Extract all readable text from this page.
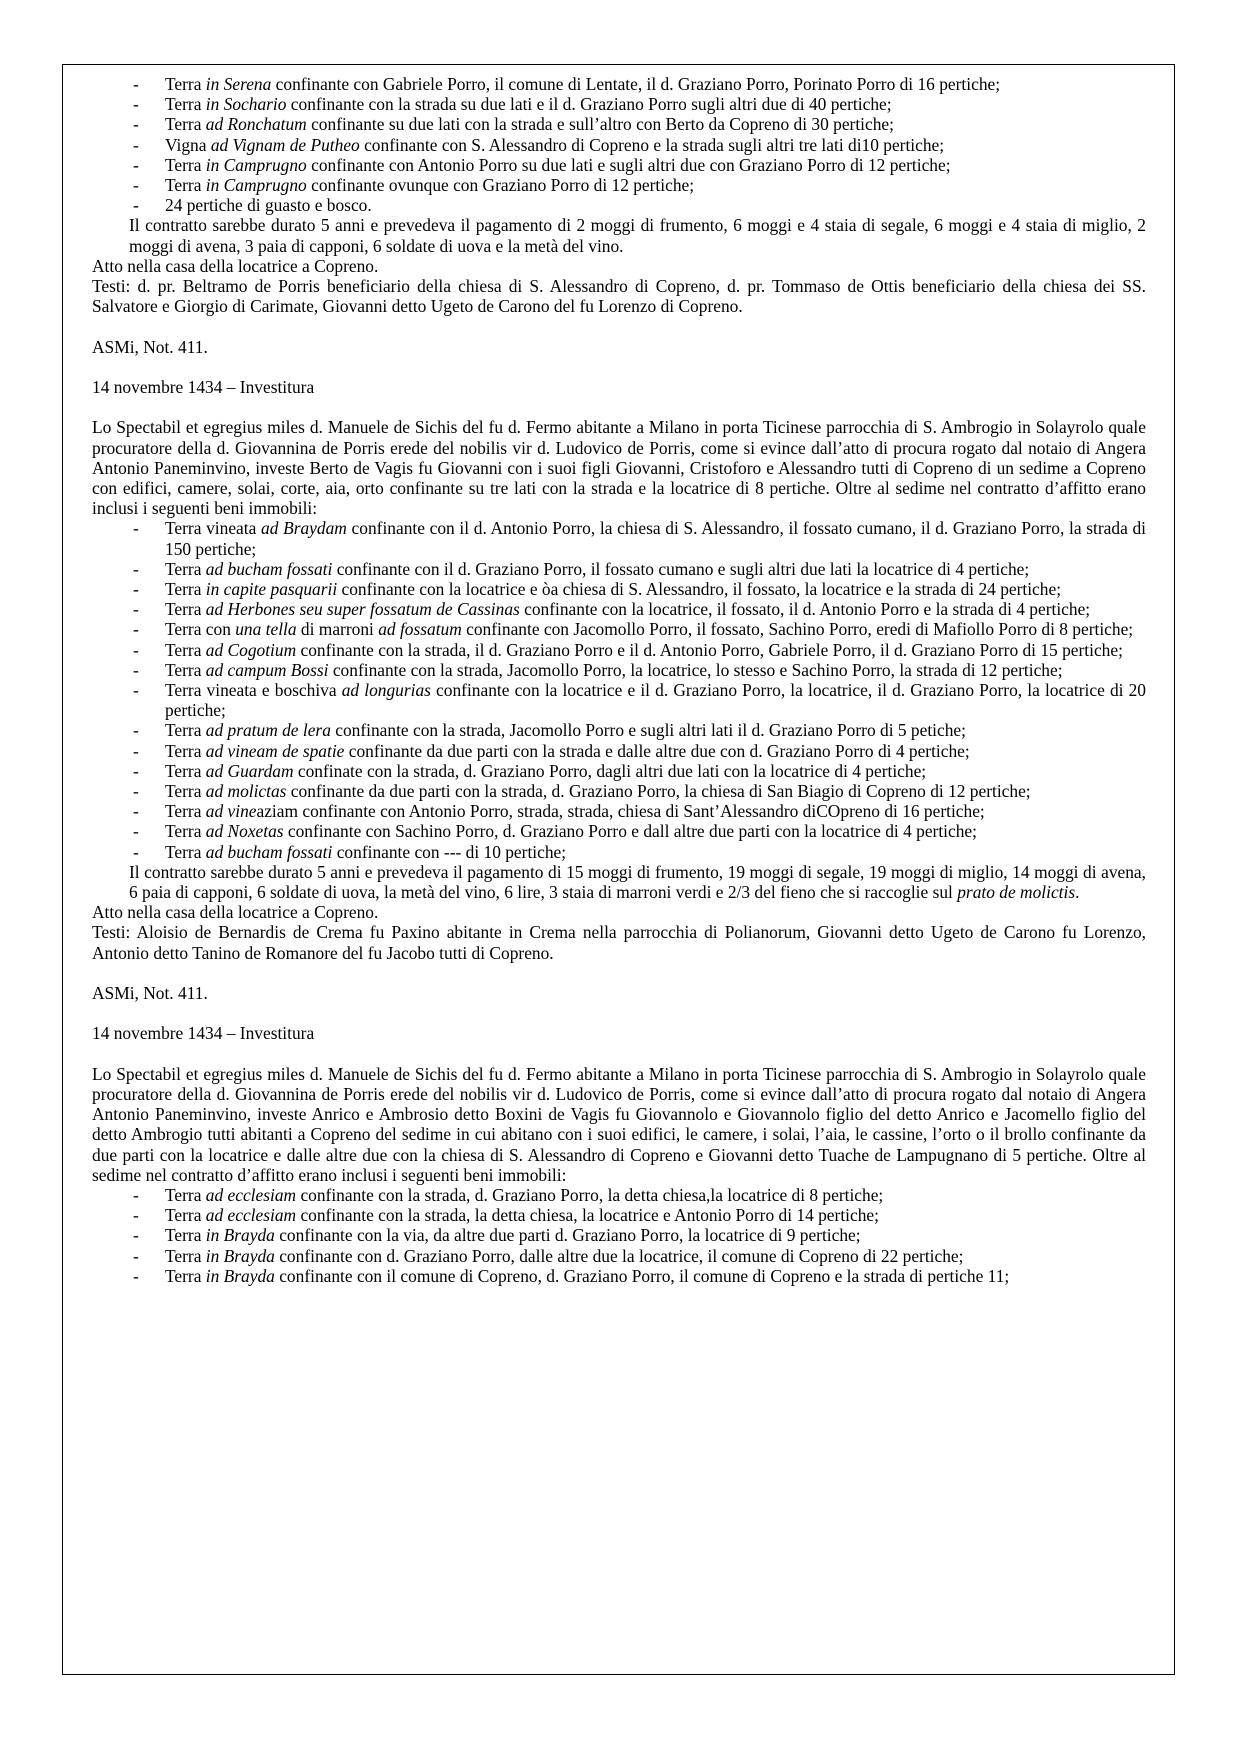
- Terra in Serena confinante con Gabriele Porro, il comune di Lentate, il d. Graziano Porro, Porinato Porro di 16 pertiche;
- Terra in Sochario confinante con la strada su due lati e il d. Graziano Porro sugli altri due di 40 pertiche;
- Terra ad Ronchatum confinante su due lati con la strada e sull’altro con Berto da Copreno di 30 pertiche;
- Vigna ad Vignam de Putheo confinante con S. Alessandro di Copreno e la strada sugli altri tre lati di10 pertiche;
- Terra in Camprugno confinante con Antonio Porro su due lati e sugli altri due con Graziano Porro di 12 pertiche;
- Terra in Camprugno confinante ovunque con Graziano Porro di 12 pertiche;
- 24 pertiche di guasto e bosco.
Il contratto sarebbe durato 5 anni e prevedeva il pagamento di 2 moggi di frumento, 6 moggi e 4 staia di segale, 6 moggi e 4 staia di miglio, 2 moggi di avena, 3 paia di capponi, 6 soldate di uova e la metà del vino.
Atto nella casa della locatrice a Copreno.
Testi: d. pr. Beltramo de Porris beneficiario della chiesa di S. Alessandro di Copreno, d. pr. Tommaso de Ottis beneficiario della chiesa dei SS. Salvatore e Giorgio di Carimate, Giovanni detto Ugeto de Carono del fu Lorenzo di Copreno.
ASMi, Not. 411.
14 novembre 1434 – Investitura
Lo Spectabil et egregius miles d. Manuele de Sichis del fu d. Fermo abitante a Milano in porta Ticinese parrocchia di S. Ambrogio in Solayrolo quale procuratore della d. Giovannina de Porris erede del nobilis vir d. Ludovico de Porris, come si evince dall’atto di procura rogato dal notaio di Angera Antonio Paneminvino, investe Berto de Vagis fu Giovanni con i suoi figli Giovanni, Cristoforo e Alessandro tutti di Copreno di un sedime a Copreno con edifici, camere, solai, corte, aia, orto confinante su tre lati con la strada e la locatrice di 8 pertiche. Oltre al sedime nel contratto d’affitto erano inclusi i seguenti beni immobili:
- Terra vineata ad Braydam confinante con il d. Antonio Porro, la chiesa di S. Alessandro, il fossato cumano, il d. Graziano Porro, la strada di 150 pertiche;
- Terra ad bucham fossati confinante con il d. Graziano Porro, il fossato cumano e sugli altri due lati la locatrice di 4 pertiche;
- Terra in capite pasquarii confinante con la locatrice e òa chiesa di S. Alessandro, il fossato, la locatrice e la strada di 24 pertiche;
- Terra ad Herbones seu super fossatum de Cassinas confinante con la locatrice, il fossato, il d. Antonio Porro e la strada di 4 pertiche;
- Terra con una tella di marroni ad fossatum confinante con Jacomollo Porro, il fossato, Sachino Porro, eredi di Mafiollo Porro di 8 pertiche;
- Terra ad Cogotium confinante con la strada, il d. Graziano Porro e il d. Antonio Porro, Gabriele Porro, il d. Graziano Porro di 15 pertiche;
- Terra ad campum Bossi confinante con la strada, Jacomollo Porro, la locatrice, lo stesso e Sachino Porro, la strada di 12 pertiche;
- Terra vineata e boschiva ad longurias confinante con la locatrice e il d. Graziano Porro, la locatrice, il d. Graziano Porro, la locatrice di 20 pertiche;
- Terra ad pratum de lera confinante con la strada, Jacomollo Porro e sugli altri lati il d. Graziano Porro di 5 petiche;
- Terra ad vineam de spatie confinante da due parti con la strada e dalle altre due con d. Graziano Porro di 4 pertiche;
- Terra ad Guardam confinate con la strada, d. Graziano Porro, dagli altri due lati con la locatrice di 4 pertiche;
- Terra ad molictas confinante da due parti con la strada, d. Graziano Porro, la chiesa di San Biagio di Copreno di 12 pertiche;
- Terra ad vineaziam confinante con Antonio Porro, strada, strada, chiesa di Sant’Alessandro diCOpreno di 16 pertiche;
- Terra ad Noxetas confinante con Sachino Porro, d. Graziano Porro e dall altre due parti con la locatrice di 4 pertiche;
- Terra ad bucham fossati confinante con --- di 10 pertiche;
Il contratto sarebbe durato 5 anni e prevedeva il pagamento di 15 moggi di frumento, 19 moggi di segale, 19 moggi di miglio, 14 moggi di avena, 6 paia di capponi, 6 soldate di uova, la metà del vino, 6 lire, 3 staia di marroni verdi e 2/3 del fieno che si raccoglie sul prato de molictis.
Atto nella casa della locatrice a Copreno.
Testi: Aloisio de Bernardis de Crema fu Paxino abitante in Crema nella parrocchia di Polianorum, Giovanni detto Ugeto de Carono fu Lorenzo, Antonio detto Tanino de Romanore del fu Jacobo tutti di Copreno.
ASMi, Not. 411.
14 novembre 1434 – Investitura
Lo Spectabil et egregius miles d. Manuele de Sichis del fu d. Fermo abitante a Milano in porta Ticinese parrocchia di S. Ambrogio in Solayrolo quale procuratore della d. Giovannina de Porris erede del nobilis vir d. Ludovico de Porris, come si evince dall’atto di procura rogato dal notaio di Angera Antonio Paneminvino, investe Anrico e Ambrosio detto Boxini de Vagis fu Giovannolo e Giovannolo figlio del detto Anrico e Jacomello figlio del detto Ambrogio tutti abitanti a Copreno del sedime in cui abitano con i suoi edifici, le camere, i solai, l’aia, le cassine, l’orto o il brollo confinante da due parti con la locatrice e dalle altre due con la chiesa di S. Alessandro di Copreno e Giovanni detto Tuache de Lampugnano di 5 pertiche. Oltre al sedime nel contratto d’affitto erano inclusi i seguenti beni immobili:
- Terra ad ecclesiam confinante con la strada, d. Graziano Porro, la detta chiesa,la locatrice di 8 pertiche;
- Terra ad ecclesiam confinante con la strada, la detta chiesa, la locatrice e Antonio Porro di 14 pertiche;
- Terra in Brayda confinante con la via, da altre due parti d. Graziano Porro, la locatrice di 9 pertiche;
- Terra in Brayda confinante con d. Graziano Porro, dalle altre due la locatrice, il comune di Copreno di 22 pertiche;
- Terra in Brayda confinante con il comune di Copreno, d. Graziano Porro, il comune di Copreno e la strada di pertiche 11;
